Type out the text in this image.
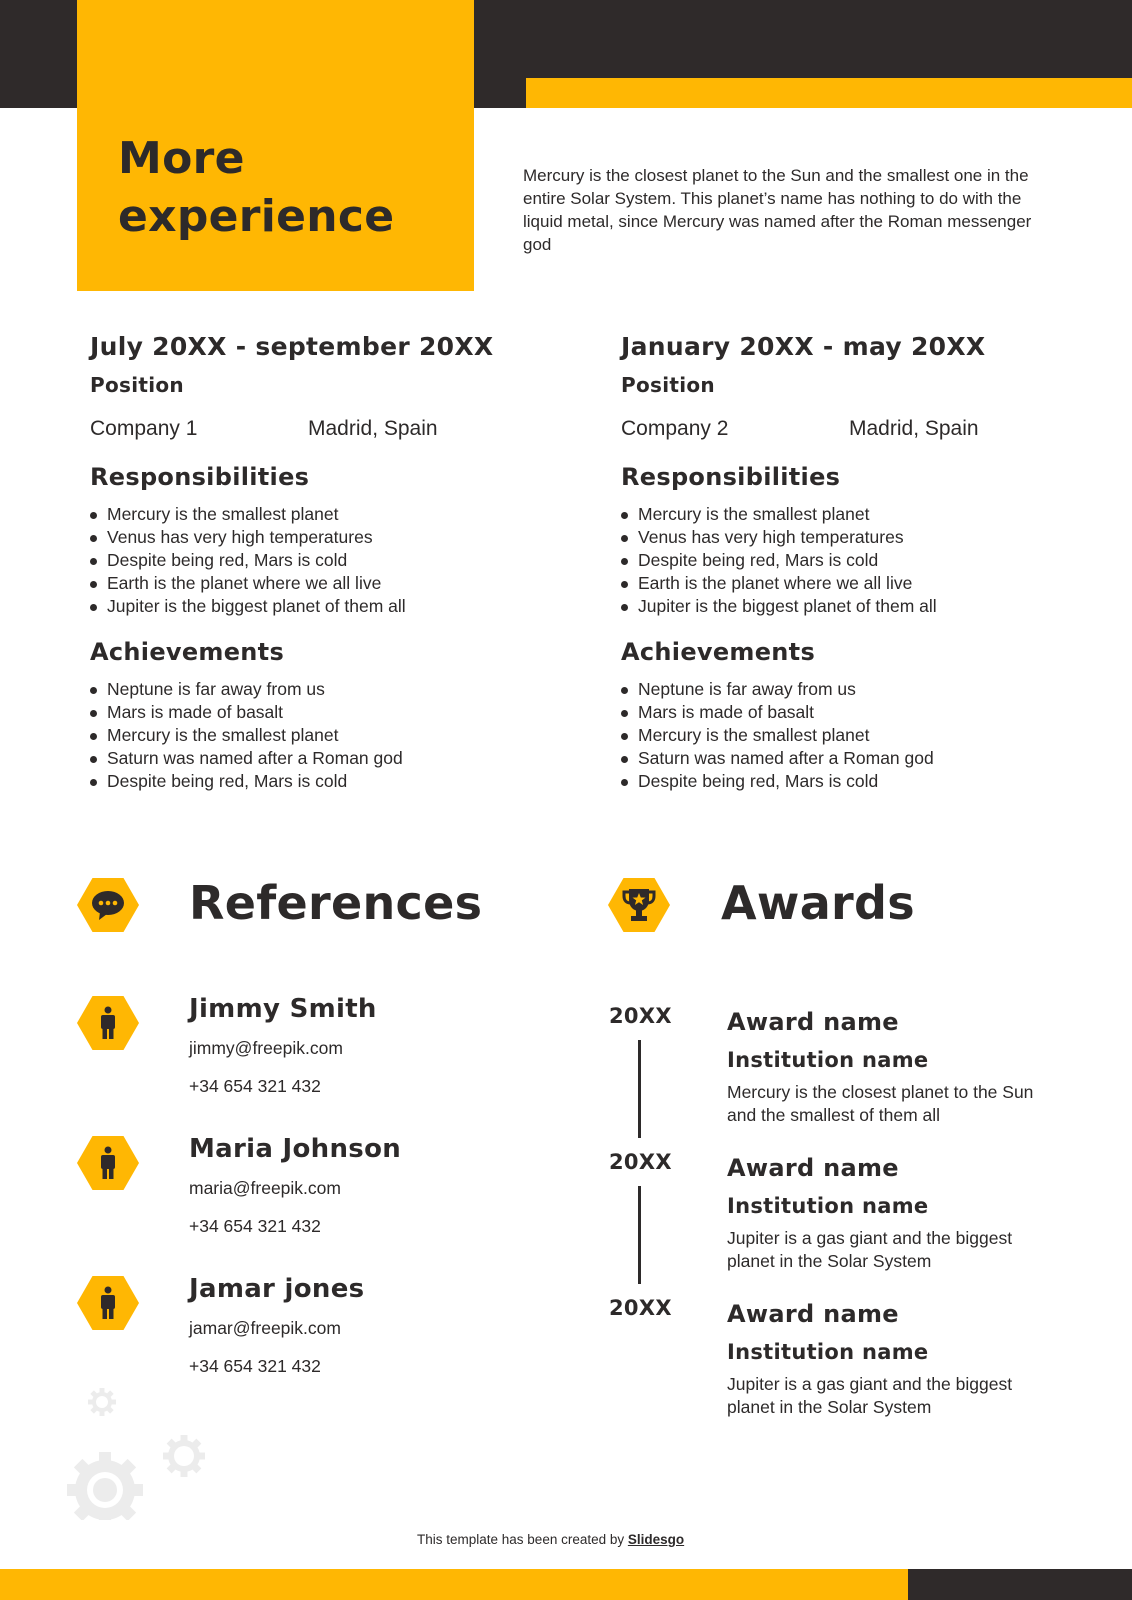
More
experience

Mercury is the closest planet to the Sun and the smallest one in the entire Solar System. This planet’s name has nothing to do with the liquid metal, since Mercury was named after the Roman messenger god

July 20XX - september 20XX
Position
Company 1	Madrid, Spain
Responsibilities
Mercury is the smallest planet
Venus has very high temperatures
Despite being red, Mars is cold
Earth is the planet where we all live
Jupiter is the biggest planet of them all
Achievements
Neptune is far away from us
Mars is made of basalt
Mercury is the smallest planet
Saturn was named after a Roman god
Despite being red, Mars is cold
January 20XX - may 20XX
Position
Company 2	Madrid, Spain
Responsibilities
Mercury is the smallest planet
Venus has very high temperatures
Despite being red, Mars is cold
Earth is the planet where we all live
Jupiter is the biggest planet of them all
Achievements
Neptune is far away from us
Mars is made of basalt
Mercury is the smallest planet
Saturn was named after a Roman god
Despite being red, Mars is cold
References
Jimmy Smith
jimmy@freepik.com
+34 654 321 432
Maria Johnson
maria@freepik.com
+34 654 321 432
Jamar jones
jamar@freepik.com
+34 654 321 432
Awards
20XX
20XX
20XX
Award name
Institution name
Mercury is the closest planet to the Sun and the smallest of them all
Award name
Institution name
Jupiter is a gas giant and the biggest planet in the Solar System
Award name
Institution name
Jupiter is a gas giant and the biggest planet in the Solar System
This template has been created by Slidesgo
